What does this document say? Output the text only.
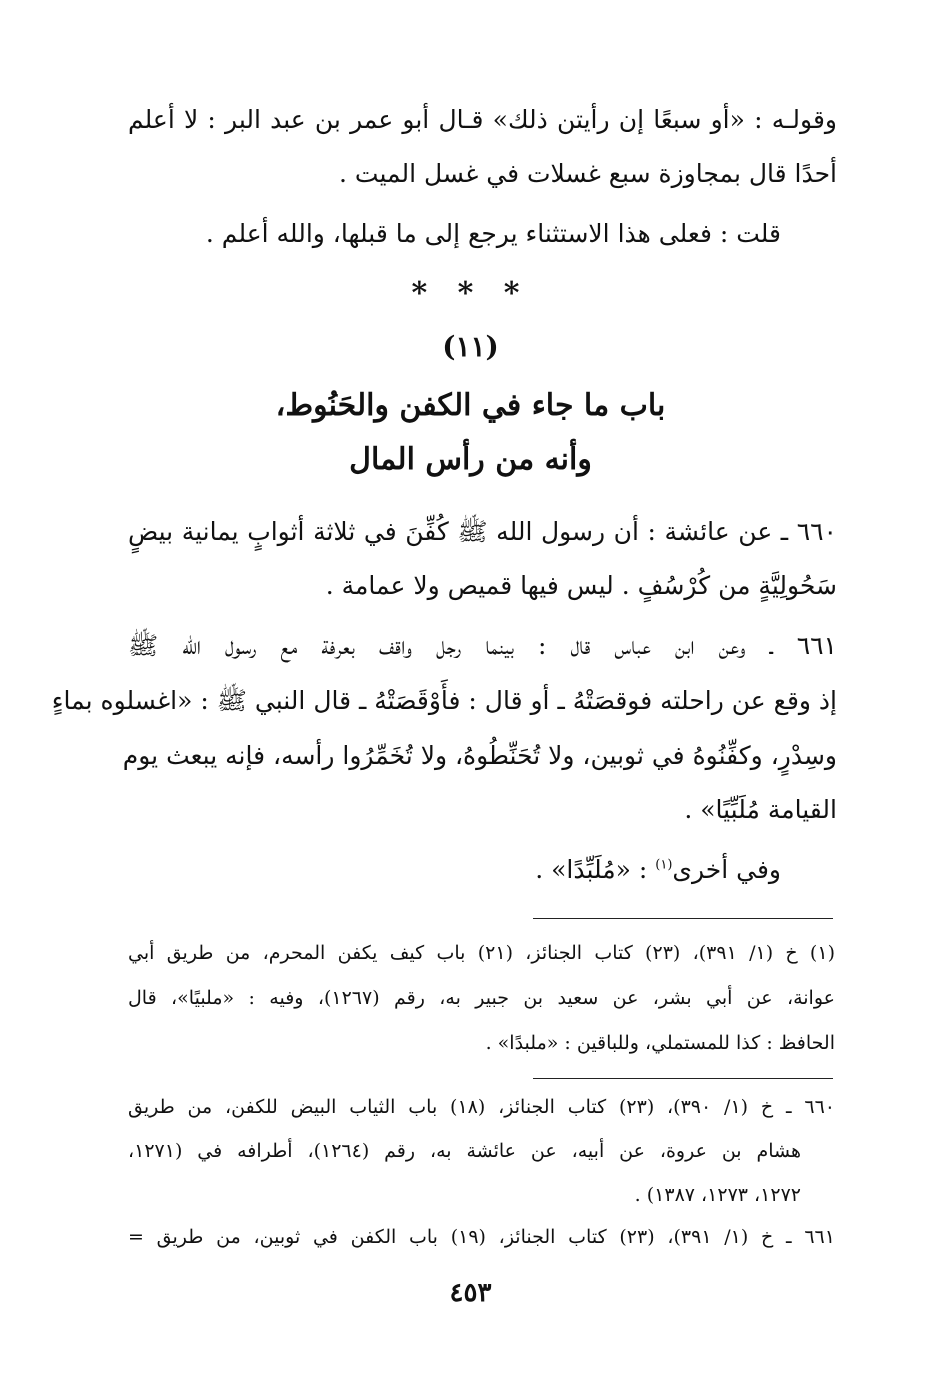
وقولـه : «أو سبعًا إن رأيتن ذلك» قـال أبو عمر بن عبد البر : لا أعلم
أحدًا قال بمجاوزة سبع غسلات في غسل الميت .
قلت : فعلى هذا الاستثناء يرجع إلى ما قبلها، والله أعلم .
* * *
(١١)
باب ما جاء في الكفن والحَنُوط،
وأنه من رأس المال
٦٦٠ ـ عن عائشة : أن رسول الله ﷺ كُفِّنَ في ثلاثة أثوابٍ يمانية بيضٍ
سَحُولِيَّةٍ من كُرْسُفٍ . ليس فيها قميص ولا عمامة .
٦٦١ ـ وعن ابن عباس قال : بينما رجل واقف بعرفة مع رسول الله ﷺ
إذ وقع عن راحلته فوقصَتْهُ ـ أو قال : فأَوْقَصَتْهُ ـ قال النبي ﷺ : «اغسلوه بماءٍ
وسِدْرٍ، وكفِّنُوهُ في ثوبين، ولا تُحَنِّطُوهُ، ولا تُخَمِّرُوا رأسه، فإنه يبعث يوم
القيامة مُلَبِّيًا» .
وفي أخرى$^{(١)}$ : «مُلَبِّدًا» .
(١) خ (١/ ٣٩١)، (٢٣) كتاب الجنائز، (٢١) باب كيف يكفن المحرم، من طريق أبي
عوانة، عن أبي بشر، عن سعيد بن جبير به، رقم (١٢٦٧)، وفيه : «ملبيًا»، قال
الحافظ : كذا للمستملي، وللباقين : «ملبدًا» .
٦٦٠ ـ خ (١/ ٣٩٠)، (٢٣) كتاب الجنائز، (١٨) باب الثياب البيض للكفن، من طريق
هشام بن عروة، عن أبيه، عن عائشة به، رقم (١٢٦٤)، أطرافه في (١٢٧١،
١٢٧٢، ١٢٧٣، ١٣٨٧) .
٦٦١ ـ خ (١/ ٣٩١)، (٢٣) كتاب الجنائز، (١٩) باب الكفن في ثوبين، من طريق =
٤٥٣
